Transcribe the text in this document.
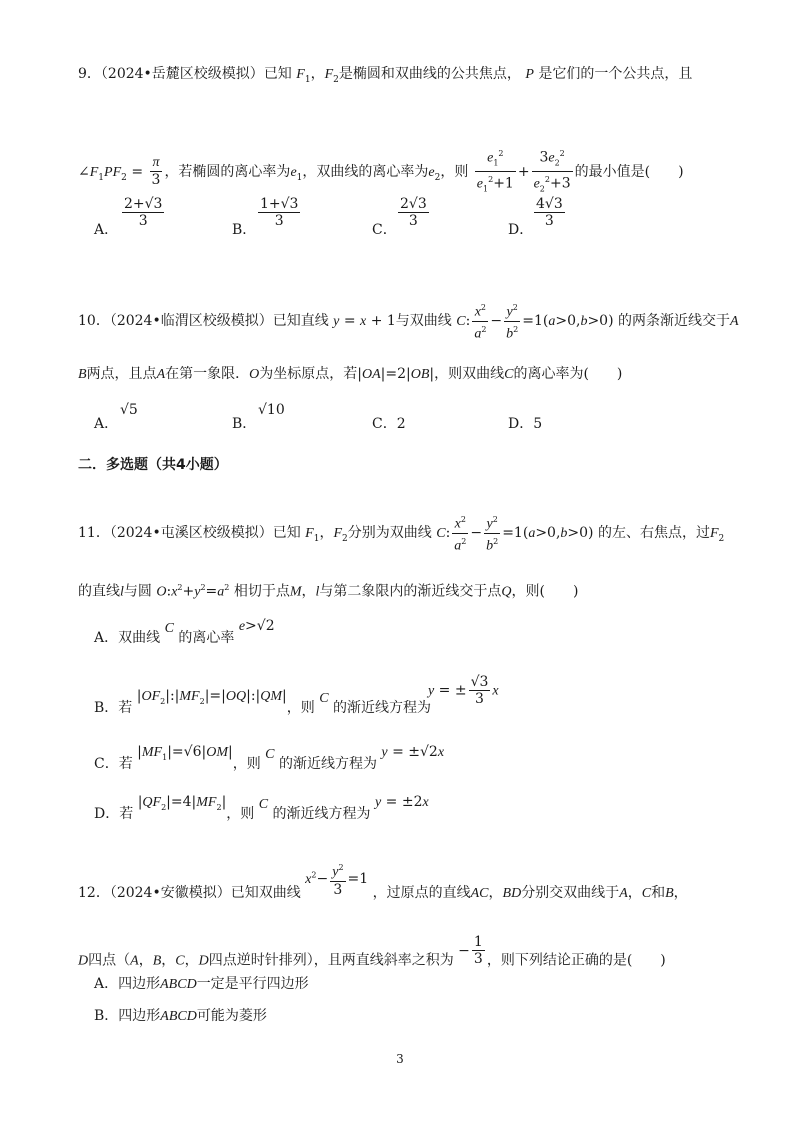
9．（2024•岳麓区校级模拟）已知 $F_1$，$F_2$是椭圆和双曲线的公共焦点， P 是它们的一个公共点，且
$\angle F_1PF_2 = \frac{\pi}{3}$ ，若椭圆的离心率为$e_1$，双曲线的离心率为$e_2$，则 $\frac{e_1^2}{e_1^2+1} + \frac{3e_2^2}{e_2^2+3}$ 的最小值是(　　)
A．
$\frac{2+√3}{3}$
B．
$\frac{1+√3}{3}$
C．
$\frac{2√3}{3}$
D．
$\frac{4√3}{3}$
10．（2024•临渭区校级模拟）已知直线 y = x + 1与双曲线 C: $\frac{x^2}{a^2} - \frac{y^2}{b^2} =1(a>0,b>0)$ 的两条渐近线交于A
B两点，且点A在第一象限．O为坐标原点，若|OA|=2|OB|，则双曲线C的离心率为(　　)
A．
√5
B．
√10
C．2	D．5
二．多选题（共4小题）
11．（2024•屯溪区校级模拟）已知 $F_1$，$F_2$分别为双曲线 C: $\frac{x^2}{a^2} - \frac{y^2}{b^2} =1(a>0,b>0)$ 的左、右焦点，过$F_2$
的直线l与圆 $O:x^2+y^2=a^2$ 相切于点M，l与第二象限内的渐近线交于点Q，则(　　)
A．双曲线 C 的离心率 e>√2
B．若 $|OF_2|:|MF_2|=|OQ|:|QM|$，则 C 的渐近线方程为
y = ± $\frac{√3}{3}$ x
C．若 $|MF_1|=√6|OM|$，则 C 的渐近线方程为 y = ±√2x
D．若 $|QF_2|=4|MF_2|$，则 C 的渐近线方程为 y = ±2x
12．（2024•安徽模拟）已知双曲线 $x^2- \frac{y^2}{3} =1$ ，过原点的直线AC，BD分别交双曲线于A，C和B，
D四点（A，B，C，D四点逆时针排列），且两直线斜率之积为 − $\frac{1}{3}$ ，则下列结论正确的是(　　)
A．四边形ABCD一定是平行四边形
B．四边形ABCD可能为菱形
3
